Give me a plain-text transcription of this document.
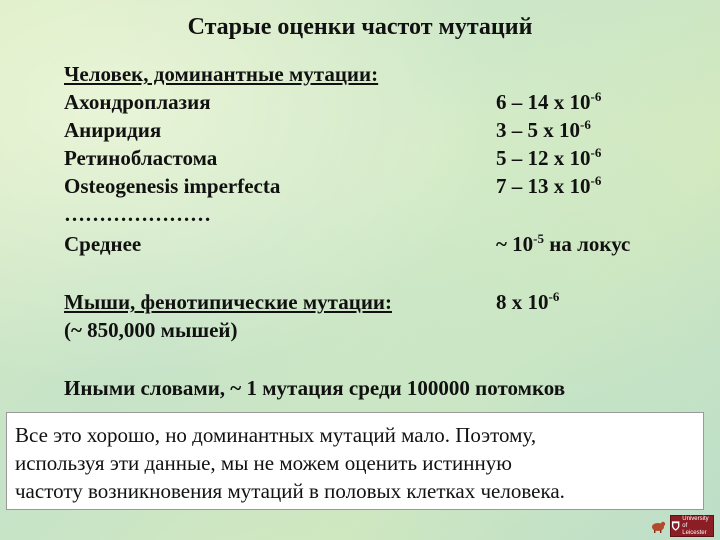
Старые оценки частот мутаций
Человек, доминантные мутации:
Ахондроплазия	6 – 14 x $10^{-6}$
Аниридия	3 – 5 x $10^{-6}$
Ретинобластома	5 – 12 x $10^{-6}$
Osteogenesis imperfecta	7 – 13 x $10^{-6}$
…………………
Среднее	~ $10^{-5}$ на локус
Мыши, фенотипические мутации:	8 x $10^{-6}$
(~ 850,000 мышей)
Иными словами, ~ 1 мутация среди 100000 потомков
Все это хорошо, но доминантных мутаций мало. Поэтому,
используя эти данные, мы не можем оценить истинную
частоту возникновения мутаций в половых клетках человека.
University of
Leicester
